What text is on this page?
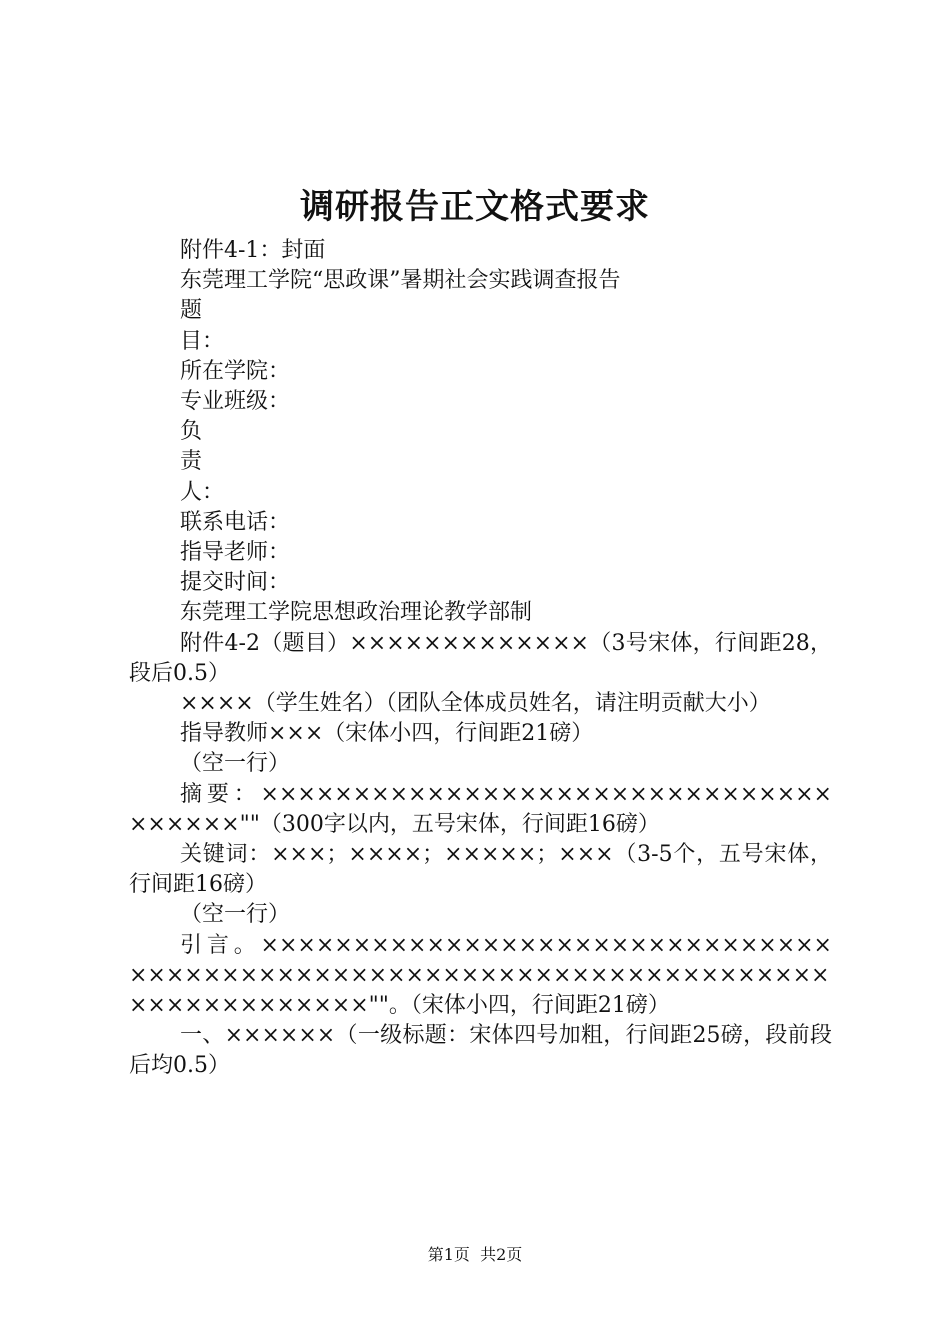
调研报告正文格式要求

附件4-1：封面

东莞理工学院“思政课”暑期社会实践调查报告

题

目：

所在学院：

专业班级：

负

责

人：

联系电话：

指导老师：

提交时间：

东莞理工学院思想政治理论教学部制

附件4-2（题目）×××××××××××××（3号宋体，行间距28，段后0.5）

××××（学生姓名）（团队全体成员姓名，请注明贡献大小）

指导教师×××（宋体小四，行间距21磅）

（空一行）

摘要：×××××××××××××××××××××××××××××××××××××""（300字以内，五号宋体，行间距16磅）

关键词：×××；××××；×××××；×××（3-5个，五号宋体，行间距16磅）

（空一行）

引言。××××××××××××××××××××××××××××××××××××××××××××××××××××××××××××××××××××××××××××××××××""。（宋体小四，行间距21磅）

一、××××××（一级标题：宋体四号加粗，行间距25磅，段前段后均0.5）

第1页 共2页
